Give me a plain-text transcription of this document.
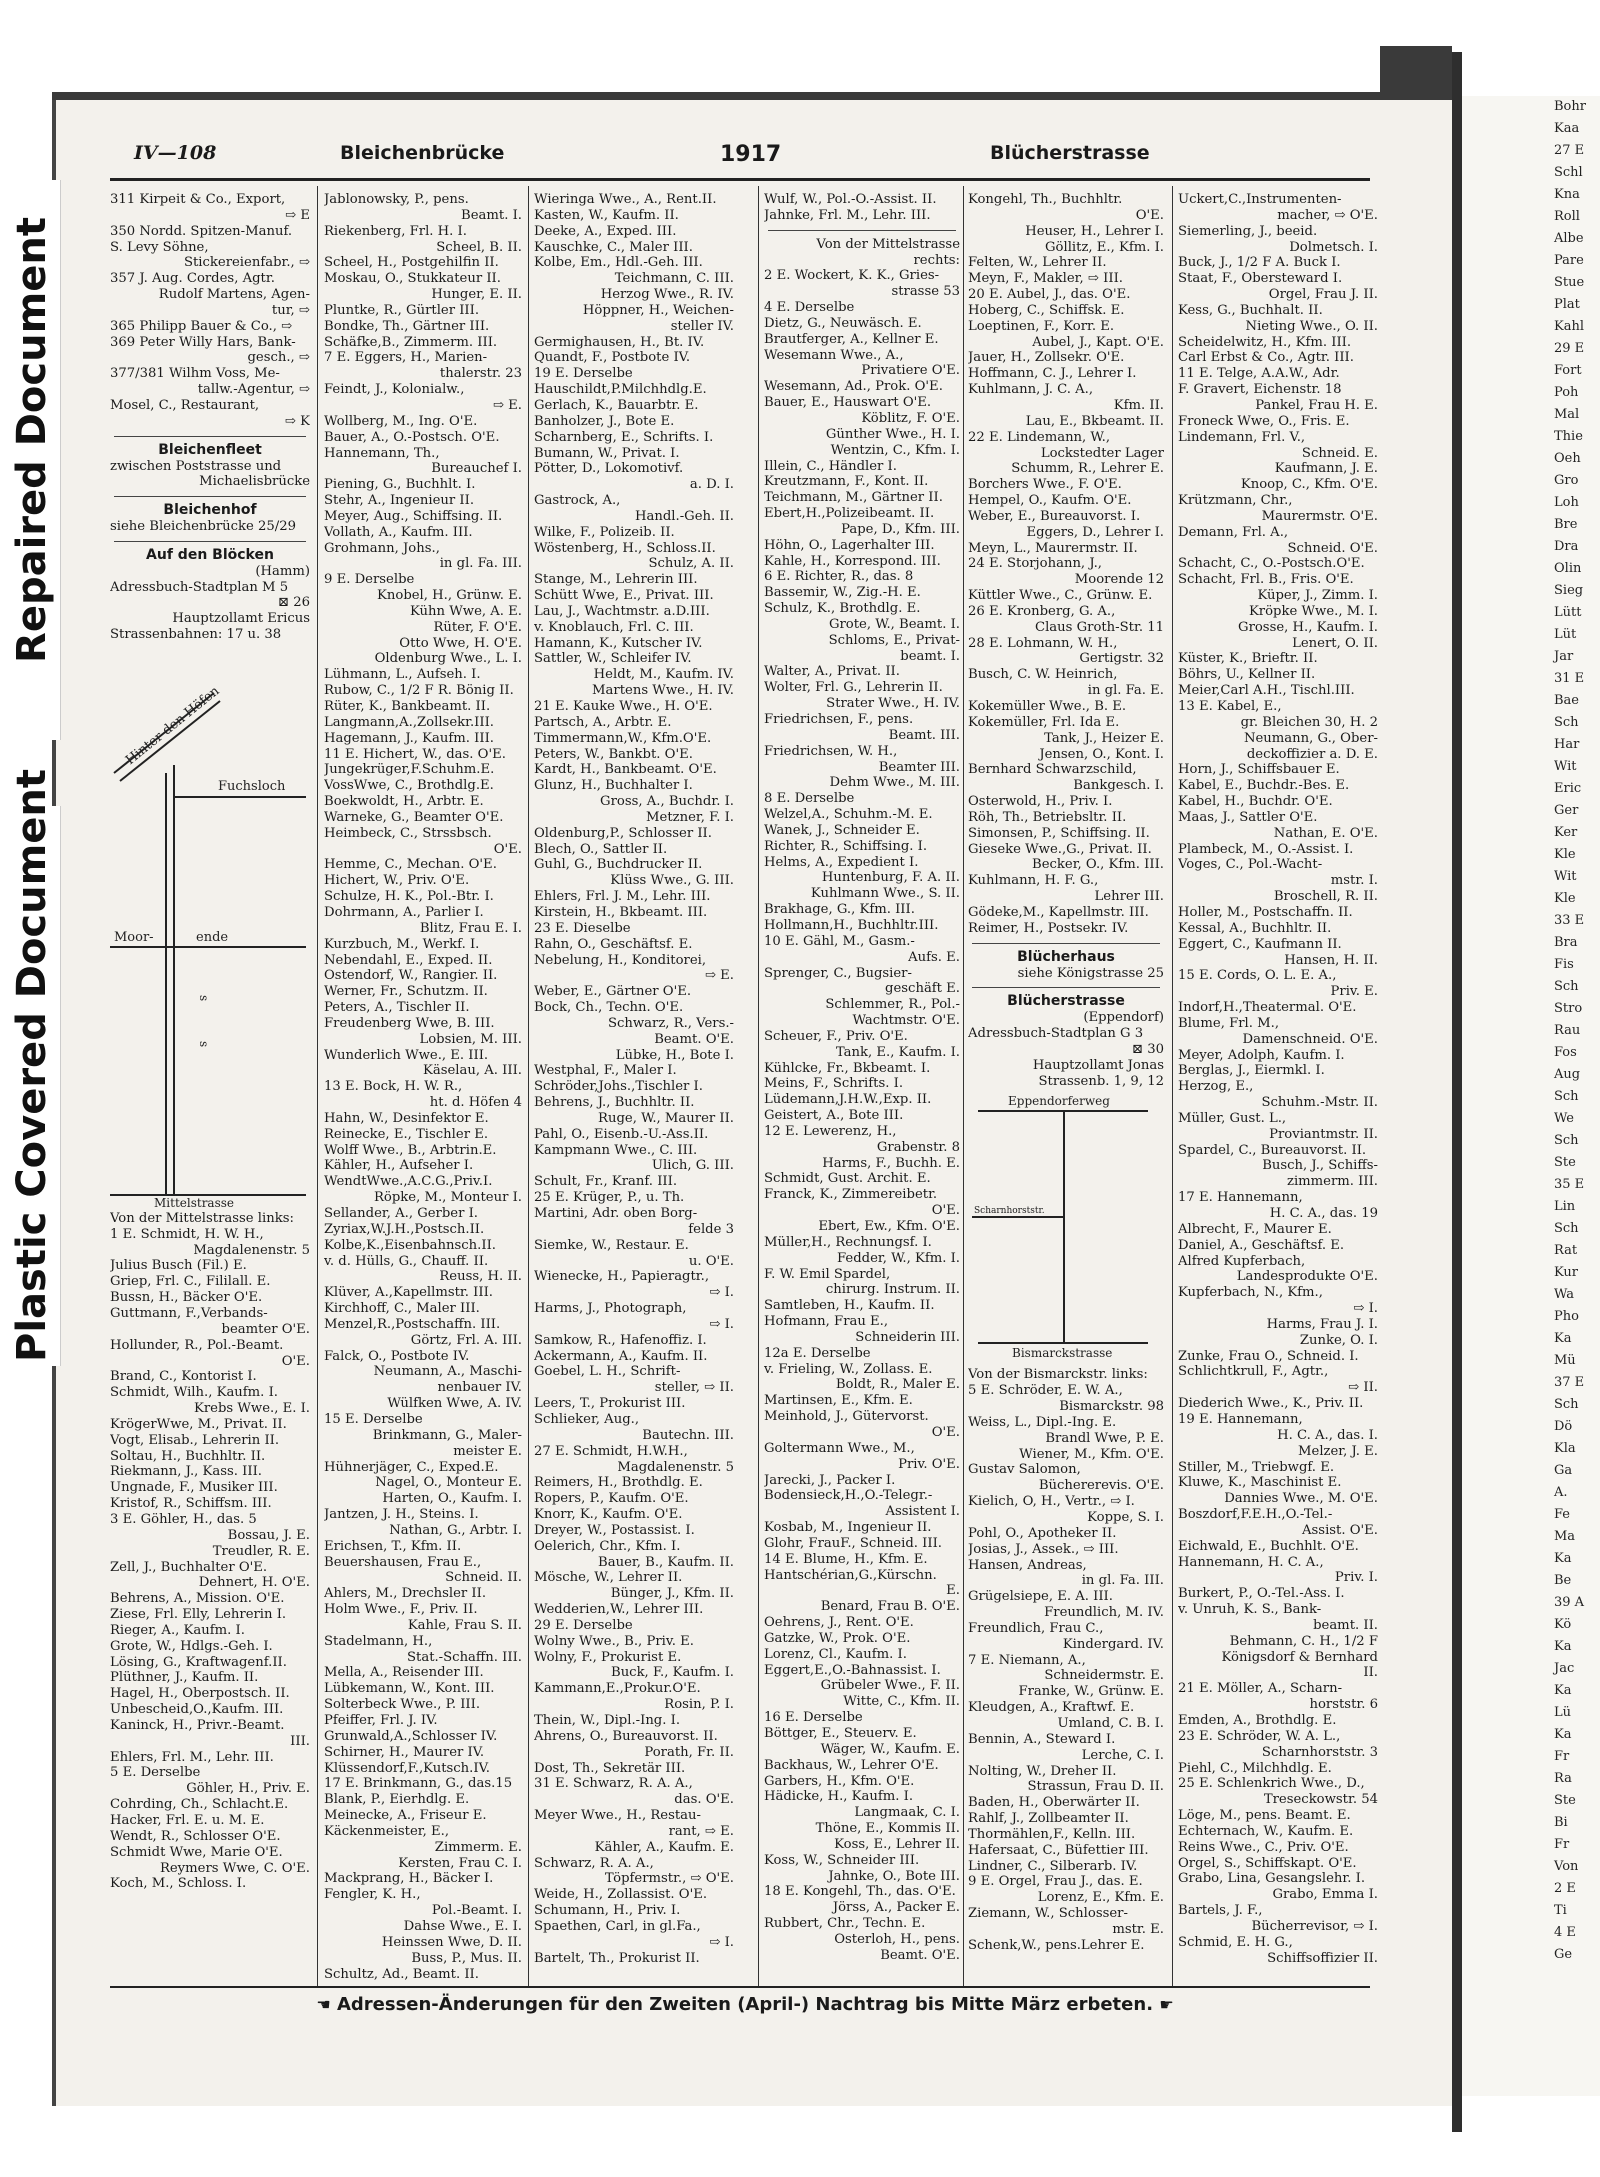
Bohr
Kaa
27 E
Schl
Kna
Roll
Albe
Pare
Stue
Plat
Kahl
29 E
Fort
Poh
Mal
Thie
Oeh
Gro
Loh
Bre
Dra
Olin
Sieg
Lütt
Lüt
Jar
31 E
Bae
Sch
Har
Wit
Eric
Ger
Ker
Kle
Wit
Kle
33 E
Bra
Fis
Sch
Stro
Rau
Fos
Aug
Sch
We
Sch
Ste
35 E
Lin
Sch
Rat
Kur
Wa
Pho
Ka
Mü
37 E
Sch
Dö
Kla
Ga
A.
Fe
Ma
Ka
Be
39 A
Kö
Ka
Jac
Ka
Lü
Ka
Fr
Ra
Ste
Bi
Fr
Von
2 E
Ti
4 E
Ge
Repaired Document
Plastic Covered Document
IV—108	Bleichenbrücke	1917	Blücherstrasse
311 Kirpeit & Co., Export,
⇨ E
350 Nordd. Spitzen-Manuf.
S. Levy Söhne,
Stickereienfabr., ⇨
357 J. Aug. Cordes, Agtr.
Rudolf Martens, Agen-
tur, ⇨
365 Philipp Bauer & Co., ⇨
369 Peter Willy Hars, Bank-
gesch., ⇨
377/381 Wilhm Voss, Me-
tallw.-Agentur, ⇨
Mosel, C., Restaurant,
⇨ K
Bleichenfleet
zwischen Poststrasse und
Michaelisbrücke
Bleichenhof
siehe Bleichenbrücke 25/29
Auf den Blöcken
(Hamm)
Adressbuch-Stadtplan M 5
⊠ 26
Hauptzollamt Ericus
Strassenbahnen: 17 u. 38
Hinter den Höfen
Fuchsloch
Moor-	ende
s
s
Mittelstrasse
Von der Mittelstrasse links:
1 E. Schmidt, H. W. H.,
Magdalenenstr. 5
Julius Busch (Fil.) E.
Griep, Frl. C., Fililall. E.
Bussn, H., Bäcker O'E.
Guttmann, F.,Verbands-
beamter O'E.
Hollunder, R., Pol.-Beamt.
O'E.
Brand, C., Kontorist I.
Schmidt, Wilh., Kaufm. I.
Krebs Wwe., E. I.
KrögerWwe, M., Privat. II.
Vogt, Elisab., Lehrerin II.
Soltau, H., Buchhltr. II.
Riekmann, J., Kass. III.
Ungnade, F., Musiker III.
Kristof, R., Schiffsm. III.
3 E. Göhler, H., das. 5
Bossau, J. E.
Treudler, R. E.
Zell, J., Buchhalter O'E.
Dehnert, H. O'E.
Behrens, A., Mission. O'E.
Ziese, Frl. Elly, Lehrerin I.
Rieger, A., Kaufm. I.
Grote, W., Hdlgs.-Geh. I.
Lösing, G., Kraftwagenf.II.
Plüthner, J., Kaufm. II.
Hagel, H., Oberpostsch. II.
Unbescheid,O.,Kaufm. III.
Kaninck, H., Privr.-Beamt.
III.
Ehlers, Frl. M., Lehr. III.
5 E. Derselbe
Göhler, H., Priv. E.
Cohrding, Ch., Schlacht.E.
Hacker, Frl. E. u. M. E.
Wendt, R., Schlosser O'E.
Schmidt Wwe, Marie O'E.
Reymers Wwe, C. O'E.
Koch, M., Schloss. I.
Jablonowsky, P., pens.
Beamt. I.
Riekenberg, Frl. H. I.
Scheel, B. II.
Scheel, H., Postgehilfin II.
Moskau, O., Stukkateur II.
Hunger, E. II.
Pluntke, R., Gürtler III.
Bondke, Th., Gärtner III.
Schäfke,B., Zimmerm. III.
7 E. Eggers, H., Marien-
thalerstr. 23
Feindt, J., Kolonialw.,
⇨ E.
Wollberg, M., Ing. O'E.
Bauer, A., O.-Postsch. O'E.
Hannemann, Th.,
Bureauchef I.
Piening, G., Buchhlt. I.
Stehr, A., Ingenieur II.
Meyer, Aug., Schiffsing. II.
Vollath, A., Kaufm. III.
Grohmann, Johs.,
in gl. Fa. III.
9 E. Derselbe
Knobel, H., Grünw. E.
Kühn Wwe, A. E.
Rüter, F. O'E.
Otto Wwe, H. O'E.
Oldenburg Wwe., L. I.
Lühmann, L., Aufseh. I.
Rubow, C., 1/2 F R. Bönig II.
Rüter, K., Bankbeamt. II.
Langmann,A.,Zollsekr.III.
Hagemann, J., Kaufm. III.
11 E. Hichert, W., das. O'E.
Jungekrüger,F.Schuhm.E.
VossWwe, C., Brothdlg.E.
Boekwoldt, H., Arbtr. E.
Warneke, G., Beamter O'E.
Heimbeck, C., Strssbsch.
O'E.
Hemme, C., Mechan. O'E.
Hichert, W., Priv. O'E.
Schulze, H. K., Pol.-Btr. I.
Dohrmann, A., Parlier I.
Blitz, Frau E. I.
Kurzbuch, M., Werkf. I.
Nebendahl, E., Exped. II.
Ostendorf, W., Rangier. II.
Werner, Fr., Schutzm. II.
Peters, A., Tischler II.
Freudenberg Wwe, B. III.
Lobsien, M. III.
Wunderlich Wwe., E. III.
Käselau, A. III.
13 E. Bock, H. W. R.,
ht. d. Höfen 4
Hahn, W., Desinfektor E.
Reinecke, E., Tischler E.
Wolff Wwe., B., Arbtrin.E.
Kähler, H., Aufseher I.
WendtWwe.,A.C.G.,Priv.I.
Röpke, M., Monteur I.
Sellander, A., Gerber I.
Zyriax,W.J.H.,Postsch.II.
Kolbe,K.,Eisenbahnsch.II.
v. d. Hülls, G., Chauff. II.
Reuss, H. II.
Klüver, A.,Kapellmstr. III.
Kirchhoff, C., Maler III.
Menzel,R.,Postschaffn. III.
Görtz, Frl. A. III.
Falck, O., Postbote IV.
Neumann, A., Maschi-
nenbauer IV.
Wülfken Wwe, A. IV.
15 E. Derselbe
Brinkmann, G., Maler-
meister E.
Hühnerjäger, C., Exped.E.
Nagel, O., Monteur E.
Harten, O., Kaufm. I.
Jantzen, J. H., Steins. I.
Nathan, G., Arbtr. I.
Erichsen, T., Kfm. II.
Beuershausen, Frau E.,
Schneid. II.
Ahlers, M., Drechsler II.
Holm Wwe., F., Priv. II.
Kahle, Frau S. II.
Stadelmann, H.,
Stat.-Schaffn. III.
Mella, A., Reisender III.
Lübkemann, W., Kont. III.
Solterbeck Wwe., P. III.
Pfeiffer, Frl. J. IV.
Grunwald,A.,Schlosser IV.
Schirner, H., Maurer IV.
Klüssendorf,F.,Kutsch.IV.
17 E. Brinkmann, G., das.15
Blank, P., Eierhdlg. E.
Meinecke, A., Friseur E.
Käckenmeister, E.,
Zimmerm. E.
Kersten, Frau C. I.
Mackprang, H., Bäcker I.
Fengler, K. H.,
Pol.-Beamt. I.
Dahse Wwe., E. I.
Heinssen Wwe, D. II.
Buss, P., Mus. II.
Schultz, Ad., Beamt. II.
Wieringa Wwe., A., Rent.II.
Kasten, W., Kaufm. II.
Deeke, A., Exped. III.
Kauschke, C., Maler III.
Kolbe, Em., Hdl.-Geh. III.
Teichmann, C. III.
Herzog Wwe., R. IV.
Höppner, H., Weichen-
steller IV.
Germighausen, H., Bt. IV.
Quandt, F., Postbote IV.
19 E. Derselbe
Hauschildt,P.Milchhdlg.E.
Gerlach, K., Bauarbtr. E.
Banholzer, J., Bote E.
Scharnberg, E., Schrifts. I.
Bumann, W., Privat. I.
Pötter, D., Lokomotivf.
a. D. I.
Gastrock, A.,
Handl.-Geh. II.
Wilke, F., Polizeib. II.
Wöstenberg, H., Schloss.II.
Schulz, A. II.
Stange, M., Lehrerin III.
Schütt Wwe, E., Privat. III.
Lau, J., Wachtmstr. a.D.III.
v. Knoblauch, Frl. C. III.
Hamann, K., Kutscher IV.
Sattler, W., Schleifer IV.
Heldt, M., Kaufm. IV.
Martens Wwe., H. IV.
21 E. Kauke Wwe., H. O'E.
Partsch, A., Arbtr. E.
Timmermann,W., Kfm.O'E.
Peters, W., Bankbt. O'E.
Kardt, H., Bankbeamt. O'E.
Glunz, H., Buchhalter I.
Gross, A., Buchdr. I.
Metzner, F. I.
Oldenburg,P., Schlosser II.
Blech, O., Sattler II.
Guhl, G., Buchdrucker II.
Klüss Wwe., G. III.
Ehlers, Frl. J. M., Lehr. III.
Kirstein, H., Bkbeamt. III.
23 E. Dieselbe
Rahn, O., Geschäftsf. E.
Nebelung, H., Konditorei,
⇨ E.
Weber, E., Gärtner O'E.
Bock, Ch., Techn. O'E.
Schwarz, R., Vers.-
Beamt. O'E.
Lübke, H., Bote I.
Westphal, F., Maler I.
Schröder,Johs.,Tischler I.
Behrens, J., Buchhltr. II.
Ruge, W., Maurer II.
Pahl, O., Eisenb.-U.-Ass.II.
Kampmann Wwe., C. III.
Ulich, G. III.
Schult, Fr., Kranf. III.
25 E. Krüger, P., u. Th.
Martini, Adr. oben Borg-
felde 3
Siemke, W., Restaur. E.
u. O'E.
Wienecke, H., Papieragtr.,
⇨ I.
Harms, J., Photograph,
⇨ I.
Samkow, R., Hafenoffiz. I.
Ackermann, A., Kaufm. II.
Goebel, L. H., Schrift-
steller, ⇨ II.
Leers, T., Prokurist III.
Schlieker, Aug.,
Bautechn. III.
27 E. Schmidt, H.W.H.,
Magdalenenstr. 5
Reimers, H., Brothdlg. E.
Ropers, P., Kaufm. O'E.
Knorr, K., Kaufm. O'E.
Dreyer, W., Postassist. I.
Oelerich, Chr., Kfm. I.
Bauer, B., Kaufm. II.
Mösche, W., Lehrer II.
Bünger, J., Kfm. II.
Wedderien,W., Lehrer III.
29 E. Derselbe
Wolny Wwe., B., Priv. E.
Wolny, F., Prokurist E.
Buck, F., Kaufm. I.
Kammann,E.,Prokur.O'E.
Rosin, P. I.
Thein, W., Dipl.-Ing. I.
Ahrens, O., Bureauvorst. II.
Porath, Fr. II.
Dost, Th., Sekretär III.
31 E. Schwarz, R. A. A.,
das. O'E.
Meyer Wwe., H., Restau-
rant, ⇨ E.
Kähler, A., Kaufm. E.
Schwarz, R. A. A.,
Töpfermstr., ⇨ O'E.
Weide, H., Zollassist. O'E.
Schumann, H., Priv. I.
Spaethen, Carl, in gl.Fa.,
⇨ I.
Bartelt, Th., Prokurist II.
Wulf, W., Pol.-O.-Assist. II.
Jahnke, Frl. M., Lehr. III.
Von der Mittelstrasse
rechts:
2 E. Wockert, K. K., Gries-
strasse 53
4 E. Derselbe
Dietz, G., Neuwäsch. E.
Brautferger, A., Kellner E.
Wesemann Wwe., A.,
Privatiere O'E.
Wesemann, Ad., Prok. O'E.
Bauer, E., Hauswart O'E.
Köblitz, F. O'E.
Günther Wwe., H. I.
Wentzin, C., Kfm. I.
Illein, C., Händler I.
Kreutzmann, F., Kont. II.
Teichmann, M., Gärtner II.
Ebert,H.,Polizeibeamt. II.
Pape, D., Kfm. III.
Höhn, O., Lagerhalter III.
Kahle, H., Korrespond. III.
6 E. Richter, R., das. 8
Bassemir, W., Zig.-H. E.
Schulz, K., Brothdlg. E.
Grote, W., Beamt. I.
Schloms, E., Privat-
beamt. I.
Walter, A., Privat. II.
Wolter, Frl. G., Lehrerin II.
Strater Wwe., H. IV.
Friedrichsen, F., pens.
Beamt. III.
Friedrichsen, W. H.,
Beamter III.
Dehm Wwe., M. III.
8 E. Derselbe
Welzel,A., Schuhm.-M. E.
Wanek, J., Schneider E.
Richter, R., Schiffsing. I.
Helms, A., Expedient I.
Huntenburg, F. A. II.
Kuhlmann Wwe., S. II.
Brakhage, G., Kfm. III.
Hollmann,H., Buchhltr.III.
10 E. Gähl, M., Gasm.-
Aufs. E.
Sprenger, C., Bugsier-
geschäft E.
Schlemmer, R., Pol.-
Wachtmstr. O'E.
Scheuer, F., Priv. O'E.
Tank, E., Kaufm. I.
Kühlcke, Fr., Bkbeamt. I.
Meins, F., Schrifts. I.
Lüdemann,J.H.W.,Exp. II.
Geistert, A., Bote III.
12 E. Lewerenz, H.,
Grabenstr. 8
Harms, F., Buchh. E.
Schmidt, Gust. Archit. E.
Franck, K., Zimmereibetr.
O'E.
Ebert, Ew., Kfm. O'E.
Müller,H., Rechnungsf. I.
Fedder, W., Kfm. I.
F. W. Emil Spardel,
chirurg. Instrum. II.
Samtleben, H., Kaufm. II.
Hofmann, Frau E.,
Schneiderin III.
12a E. Derselbe
v. Frieling, W., Zollass. E.
Boldt, R., Maler E.
Martinsen, E., Kfm. E.
Meinhold, J., Gütervorst.
O'E.
Goltermann Wwe., M.,
Priv. O'E.
Jarecki, J., Packer I.
Bodensieck,H.,O.-Telegr.-
Assistent I.
Kosbab, M., Ingenieur II.
Glohr, FrauF., Schneid. III.
14 E. Blume, H., Kfm. E.
Hantschérian,G.,Kürschn.
E.
Benard, Frau B. O'E.
Oehrens, J., Rent. O'E.
Gatzke, W., Prok. O'E.
Lorenz, Cl., Kaufm. I.
Eggert,E.,O.-Bahnassist. I.
Grübeler Wwe., F. II.
Witte, C., Kfm. II.
16 E. Derselbe
Böttger, E., Steuerv. E.
Wäger, W., Kaufm. E.
Backhaus, W., Lehrer O'E.
Garbers, H., Kfm. O'E.
Hädicke, H., Kaufm. I.
Langmaak, C. I.
Thöne, E., Kommis II.
Koss, E., Lehrer II.
Koss, W., Schneider III.
Jahnke, O., Bote III.
18 E. Kongehl, Th., das. O'E.
Jörss, A., Packer E.
Rubbert, Chr., Techn. E.
Osterloh, H., pens.
Beamt. O'E.
Kongehl, Th., Buchhltr.
O'E.
Heuser, H., Lehrer I.
Göllitz, E., Kfm. I.
Felten, W., Lehrer II.
Meyn, F., Makler, ⇨ III.
20 E. Aubel, J., das. O'E.
Hoberg, C., Schiffsk. E.
Loeptinen, F., Korr. E.
Aubel, J., Kapt. O'E.
Jauer, H., Zollsekr. O'E.
Hoffmann, C. J., Lehrer I.
Kuhlmann, J. C. A.,
Kfm. II.
Lau, E., Bkbeamt. II.
22 E. Lindemann, W.,
Lockstedter Lager
Schumm, R., Lehrer E.
Borchers Wwe., F. O'E.
Hempel, O., Kaufm. O'E.
Weber, E., Bureauvorst. I.
Eggers, D., Lehrer I.
Meyn, L., Maurermstr. II.
24 E. Storjohann, J.,
Moorende 12
Küttler Wwe., C., Grünw. E.
26 E. Kronberg, G. A.,
Claus Groth-Str. 11
28 E. Lohmann, W. H.,
Gertigstr. 32
Busch, C. W. Heinrich,
in gl. Fa. E.
Kokemüller Wwe., B. E.
Kokemüller, Frl. Ida E.
Tank, J., Heizer E.
Jensen, O., Kont. I.
Bernhard Schwarzschild,
Bankgesch. I.
Osterwold, H., Priv. I.
Röh, Th., Betriebsltr. II.
Simonsen, P., Schiffsing. II.
Gieseke Wwe.,G., Privat. II.
Becker, O., Kfm. III.
Kuhlmann, H. F. G.,
Lehrer III.
Gödeke,M., Kapellmstr. III.
Reimer, H., Postsekr. IV.
Blücherhaus
siehe Königstrasse 25
Blücherstrasse
(Eppendorf)
Adressbuch-Stadtplan G 3
⊠ 30
Hauptzollamt Jonas
Strassenb. 1, 9, 12
Eppendorferweg
Scharnhorststr.
Bismarckstrasse
Von der Bismarckstr. links:
5 E. Schröder, E. W. A.,
Bismarckstr. 98
Weiss, L., Dipl.-Ing. E.
Brandl Wwe, P. E.
Wiener, M., Kfm. O'E.
Gustav Salomon,
Büchererevis. O'E.
Kielich, O, H., Vertr., ⇨ I.
Koppe, S. I.
Pohl, O., Apotheker II.
Josias, J., Assek., ⇨ III.
Hansen, Andreas,
in gl. Fa. III.
Grügelsiepe, E. A. III.
Freundlich, M. IV.
Freundlich, Frau C.,
Kindergard. IV.
7 E. Niemann, A.,
Schneidermstr. E.
Franke, W., Grünw. E.
Kleudgen, A., Kraftwf. E.
Umland, C. B. I.
Bennin, A., Steward I.
Lerche, C. I.
Nolting, W., Dreher II.
Strassun, Frau D. II.
Baden, H., Oberwärter II.
Rahlf, J., Zollbeamter II.
Thormählen,F., Kelln. III.
Hafersaat, C., Büfettier III.
Lindner, C., Silberarb. IV.
9 E. Orgel, Frau J., das. E.
Lorenz, E., Kfm. E.
Ziemann, W., Schlosser-
mstr. E.
Schenk,W., pens.Lehrer E.
Uckert,C.,Instrumenten-
macher, ⇨ O'E.
Siemerling, J., beeid.
Dolmetsch. I.
Buck, J., 1/2 F A. Buck I.
Staat, F., Obersteward I.
Orgel, Frau J. II.
Kess, G., Buchhalt. II.
Nieting Wwe., O. II.
Scheidelwitz, H., Kfm. III.
Carl Erbst & Co., Agtr. III.
11 E. Telge, A.A.W., Adr.
F. Gravert, Eichenstr. 18
Pankel, Frau H. E.
Froneck Wwe, O., Fris. E.
Lindemann, Frl. V.,
Schneid. E.
Kaufmann, J. E.
Knoop, C., Kfm. O'E.
Krützmann, Chr.,
Maurermstr. O'E.
Demann, Frl. A.,
Schneid. O'E.
Schacht, C., O.-Postsch.O'E.
Schacht, Frl. B., Fris. O'E.
Küper, J., Zimm. I.
Kröpke Wwe., M. I.
Grosse, H., Kaufm. I.
Lenert, O. II.
Küster, K., Brieftr. II.
Böhrs, U., Kellner II.
Meier,Carl A.H., Tischl.III.
13 E. Kabel, E.,
gr. Bleichen 30, H. 2
Neumann, G., Ober-
deckoffizier a. D. E.
Horn, J., Schiffsbauer E.
Kabel, E., Buchdr.-Bes. E.
Kabel, H., Buchdr. O'E.
Maas, J., Sattler O'E.
Nathan, E. O'E.
Plambeck, M., O.-Assist. I.
Voges, C., Pol.-Wacht-
mstr. I.
Broschell, R. II.
Holler, M., Postschaffn. II.
Kessal, A., Buchhltr. II.
Eggert, C., Kaufmann II.
Hansen, H. II.
15 E. Cords, O. L. E. A.,
Priv. E.
Indorf,H.,Theatermal. O'E.
Blume, Frl. M.,
Damenschneid. O'E.
Meyer, Adolph, Kaufm. I.
Berglas, J., Eiermkl. I.
Herzog, E.,
Schuhm.-Mstr. II.
Müller, Gust. L.,
Proviantmstr. II.
Spardel, C., Bureauvorst. II.
Busch, J., Schiffs-
zimmerm. III.
17 E. Hannemann,
H. C. A., das. 19
Albrecht, F., Maurer E.
Daniel, A., Geschäftsf. E.
Alfred Kupferbach,
Landesprodukte O'E.
Kupferbach, N., Kfm.,
⇨ I.
Harms, Frau J. I.
Zunke, O. I.
Zunke, Frau O., Schneid. I.
Schlichtkrull, F., Agtr.,
⇨ II.
Diederich Wwe., K., Priv. II.
19 E. Hannemann,
H. C. A., das. I.
Melzer, J. E.
Stiller, M., Triebwgf. E.
Kluwe, K., Maschinist E.
Dannies Wwe., M. O'E.
Boszdorf,F.E.H.,O.-Tel.-
Assist. O'E.
Eichwald, E., Buchhlt. O'E.
Hannemann, H. C. A.,
Priv. I.
Burkert, P., O.-Tel.-Ass. I.
v. Unruh, K. S., Bank-
beamt. II.
Behmann, C. H., 1/2 F
Königsdorf & Bernhard
II.
21 E. Möller, A., Scharn-
horststr. 6
Emden, A., Brothdlg. E.
23 E. Schröder, W. A. L.,
Scharnhorststr. 3
Piehl, C., Milchhdlg. E.
25 E. Schlenkrich Wwe., D.,
Treseckowstr. 54
Löge, M., pens. Beamt. E.
Echternach, W., Kaufm. E.
Reins Wwe., C., Priv. O'E.
Orgel, S., Schiffskapt. O'E.
Grabo, Lina, Gesangslehr. I.
Grabo, Emma I.
Bartels, J. F.,
Bücherrevisor, ⇨ I.
Schmid, E. H. G.,
Schiffsoffizier II.
☚ Adressen-Änderungen für den Zweiten (April-) Nachtrag bis Mitte März erbeten. ☛
